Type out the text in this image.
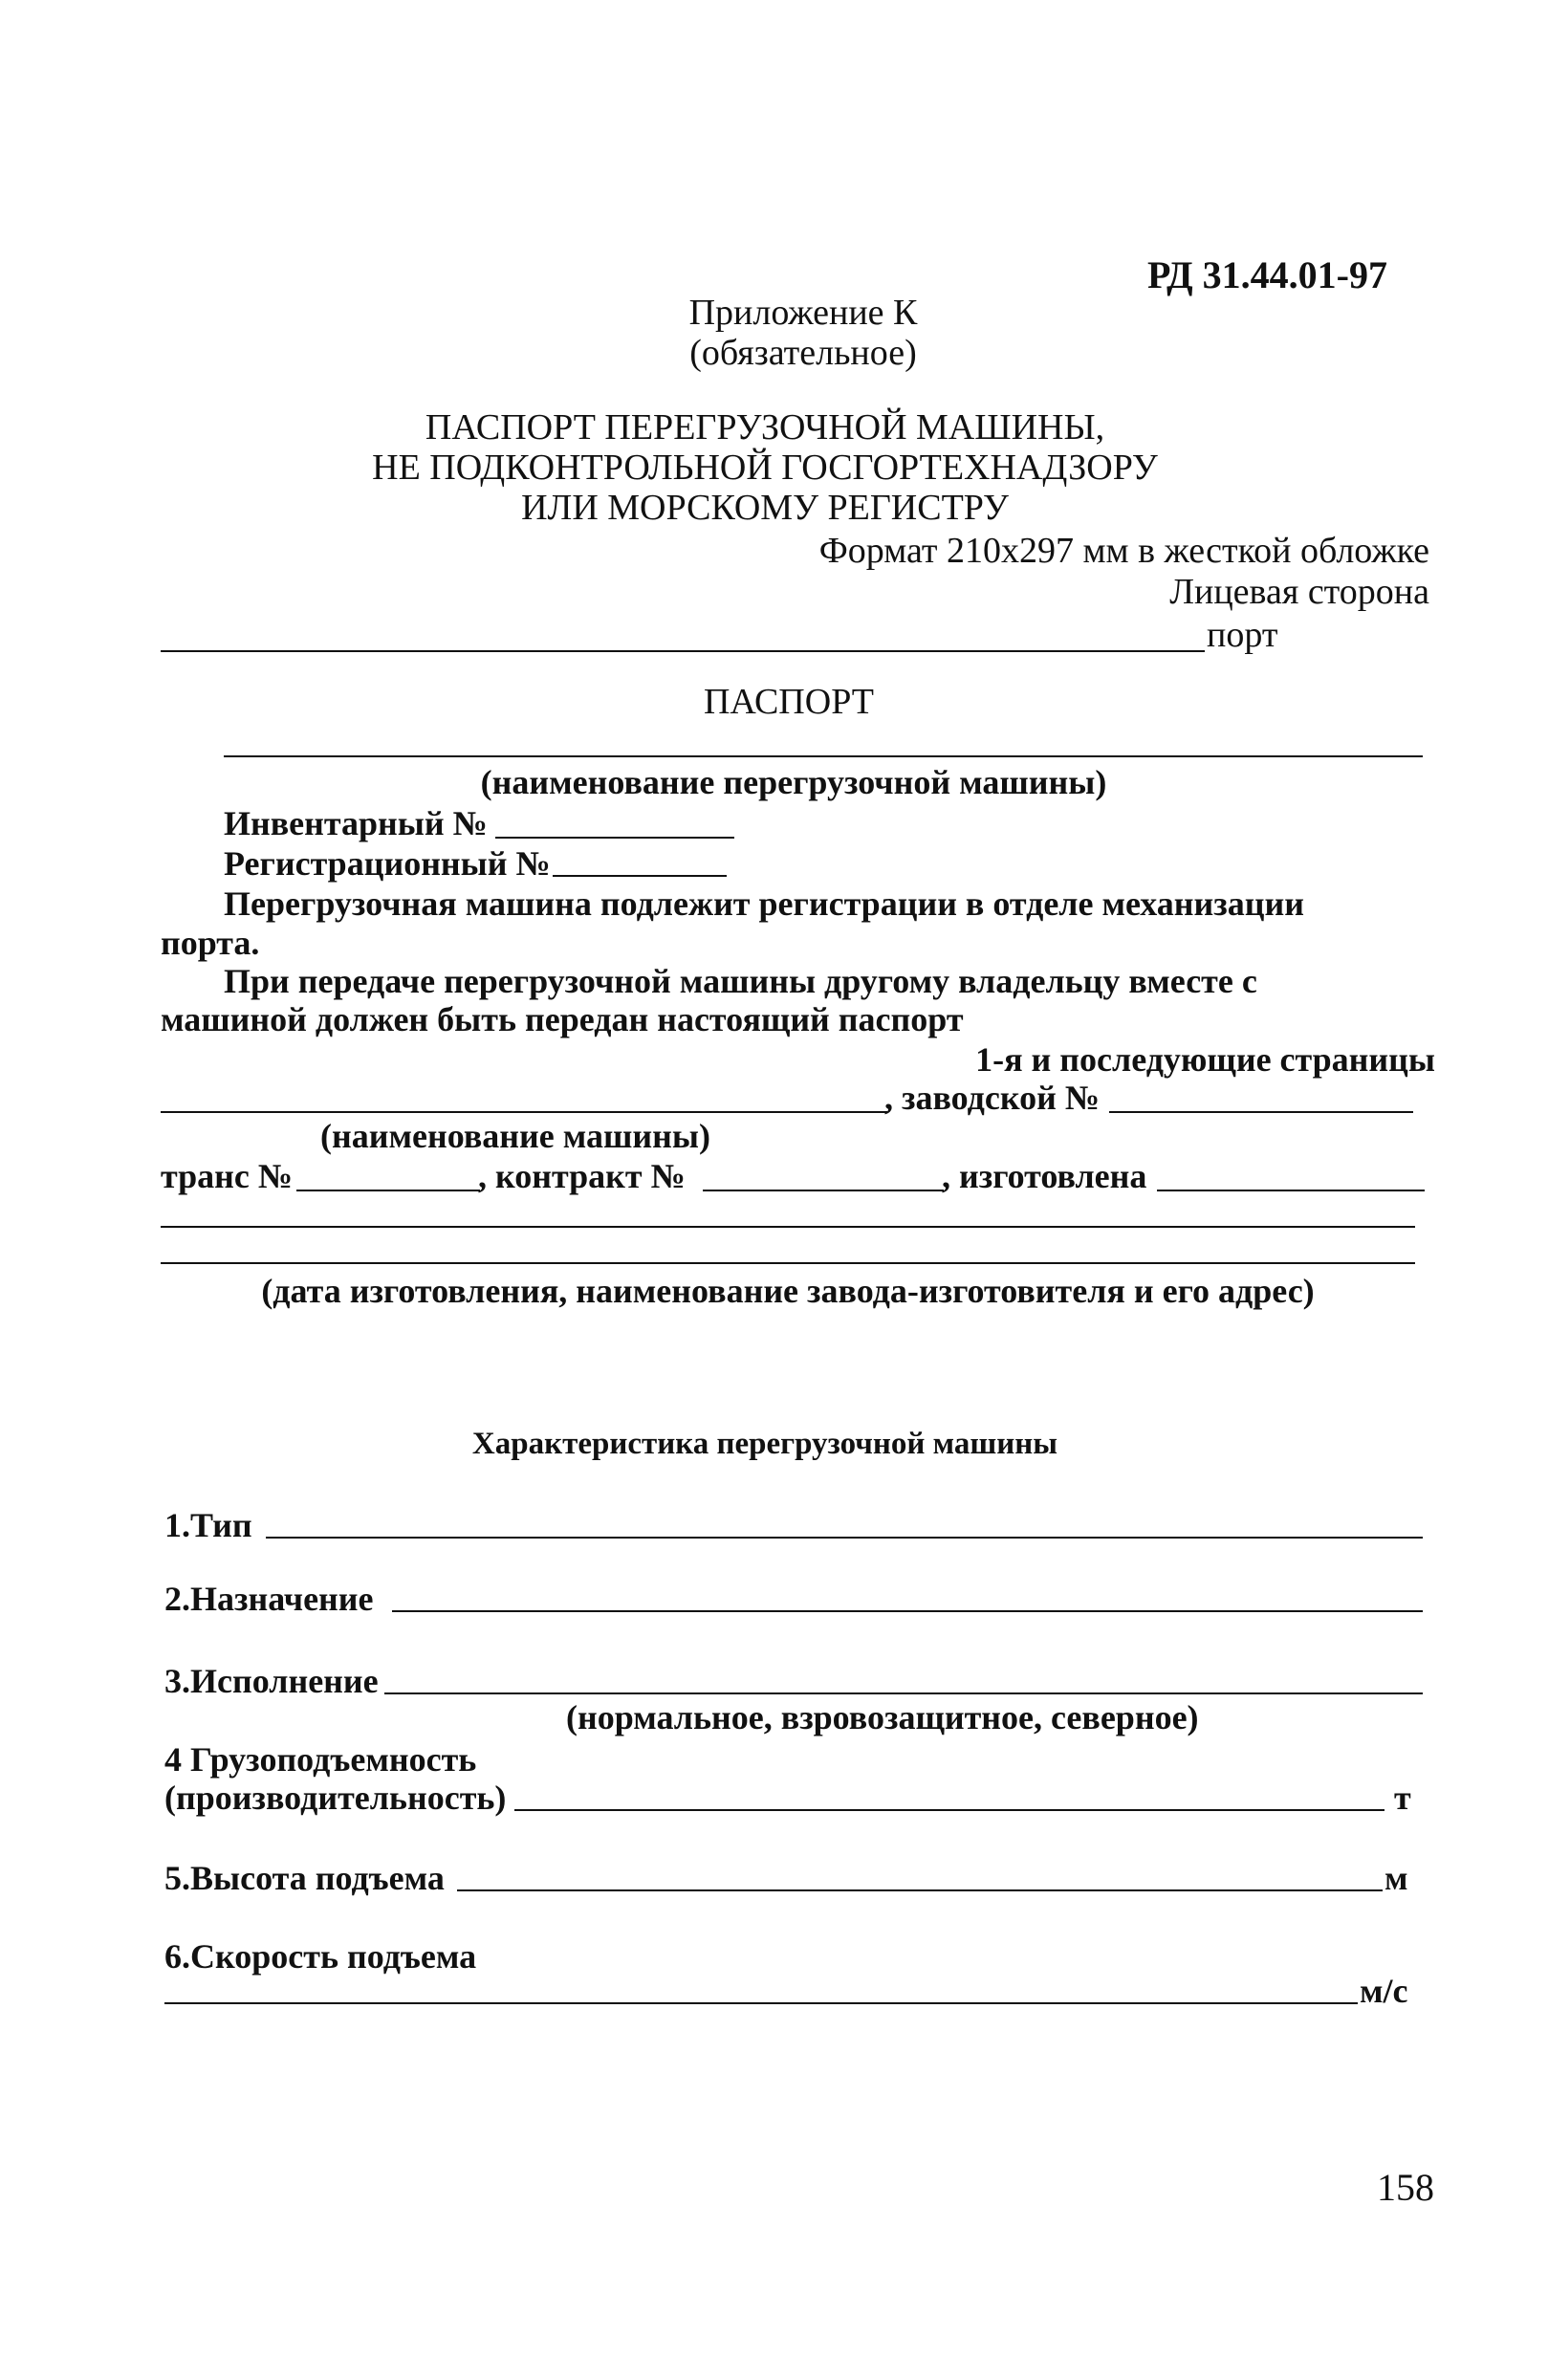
РД 31.44.01-97
Приложение К
(обязательное)
ПАСПОРТ ПЕРЕГРУЗОЧНОЙ МАШИНЫ,
НЕ ПОДКОНТРОЛЬНОЙ ГОСГОРТЕХНАДЗОРУ
ИЛИ МОРСКОМУ РЕГИСТРУ
Формат 210x297 мм в жесткой обложке
Лицевая сторона
порт
ПАСПОРТ
(наименование перегрузочной машины)
Инвентарный №
Регистрационный №
Перегрузочная машина подлежит регистрации в отделе механизации
порта.
При передаче перегрузочной машины другому владельцу вместе с
машиной должен быть передан настоящий паспорт
1-я и последующие страницы
, заводской №
(наименование машины)
транс №	, контракт №	, изготовлена
(дата изготовления, наименование завода-изготовителя и его адрес)
Характеристика перегрузочной машины
1.Тип
2.Назначение
3.Исполнение
(нормальное, взровозащитное, северное)
4 Грузоподъемность
(производительность)	т
5.Высота подъема	м
6.Скорость подъема
м/с
158
